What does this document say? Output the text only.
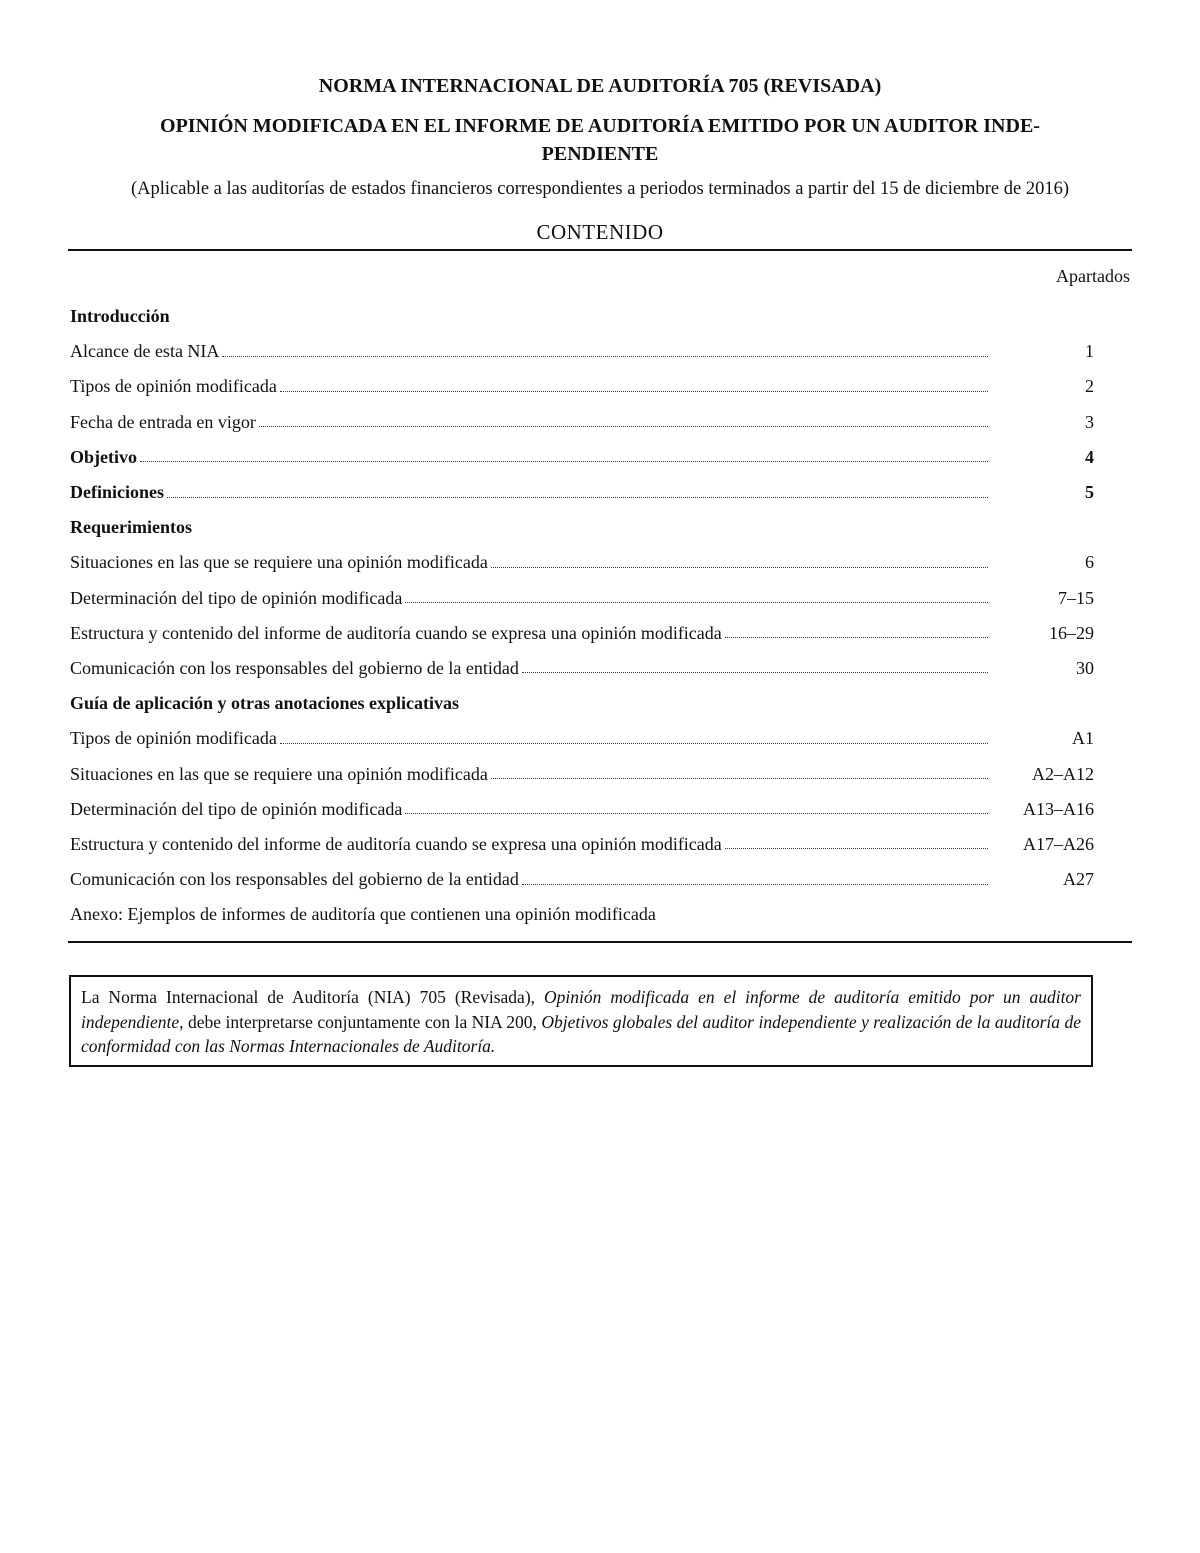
NORMA INTERNACIONAL DE AUDITORÍA 705 (REVISADA)
OPINIÓN MODIFICADA EN EL INFORME DE AUDITORÍA EMITIDO POR UN AUDITOR INDE-
PENDIENTE
(Aplicable a las auditorías de estados financieros correspondientes a periodos terminados a partir del 15 de diciembre de 2016)
CONTENIDO
Apartados
Introducción
Alcance de esta NIA	1
Tipos de opinión modificada	2
Fecha de entrada en vigor	3
Objetivo	4
Definiciones	5
Requerimientos
Situaciones en las que se requiere una opinión modificada	6
Determinación del tipo de opinión modificada	7–15
Estructura y contenido del informe de auditoría cuando se expresa una opinión modificada	16–29
Comunicación con los responsables del gobierno de la entidad	30
Guía de aplicación y otras anotaciones explicativas
Tipos de opinión modificada	A1
Situaciones en las que se requiere una opinión modificada	A2–A12
Determinación del tipo de opinión modificada	A13–A16
Estructura y contenido del informe de auditoría cuando se expresa una opinión modificada	A17–A26
Comunicación con los responsables del gobierno de la entidad	A27
Anexo: Ejemplos de informes de auditoría que contienen una opinión modificada
La Norma Internacional de Auditoría (NIA) 705 (Revisada), Opinión modificada en el informe de auditoría emitido por un auditor independiente, debe interpretarse conjuntamente con la NIA 200, Objetivos globales del auditor independiente y realización de la auditoría de conformidad con las Normas Internacionales de Auditoría.
